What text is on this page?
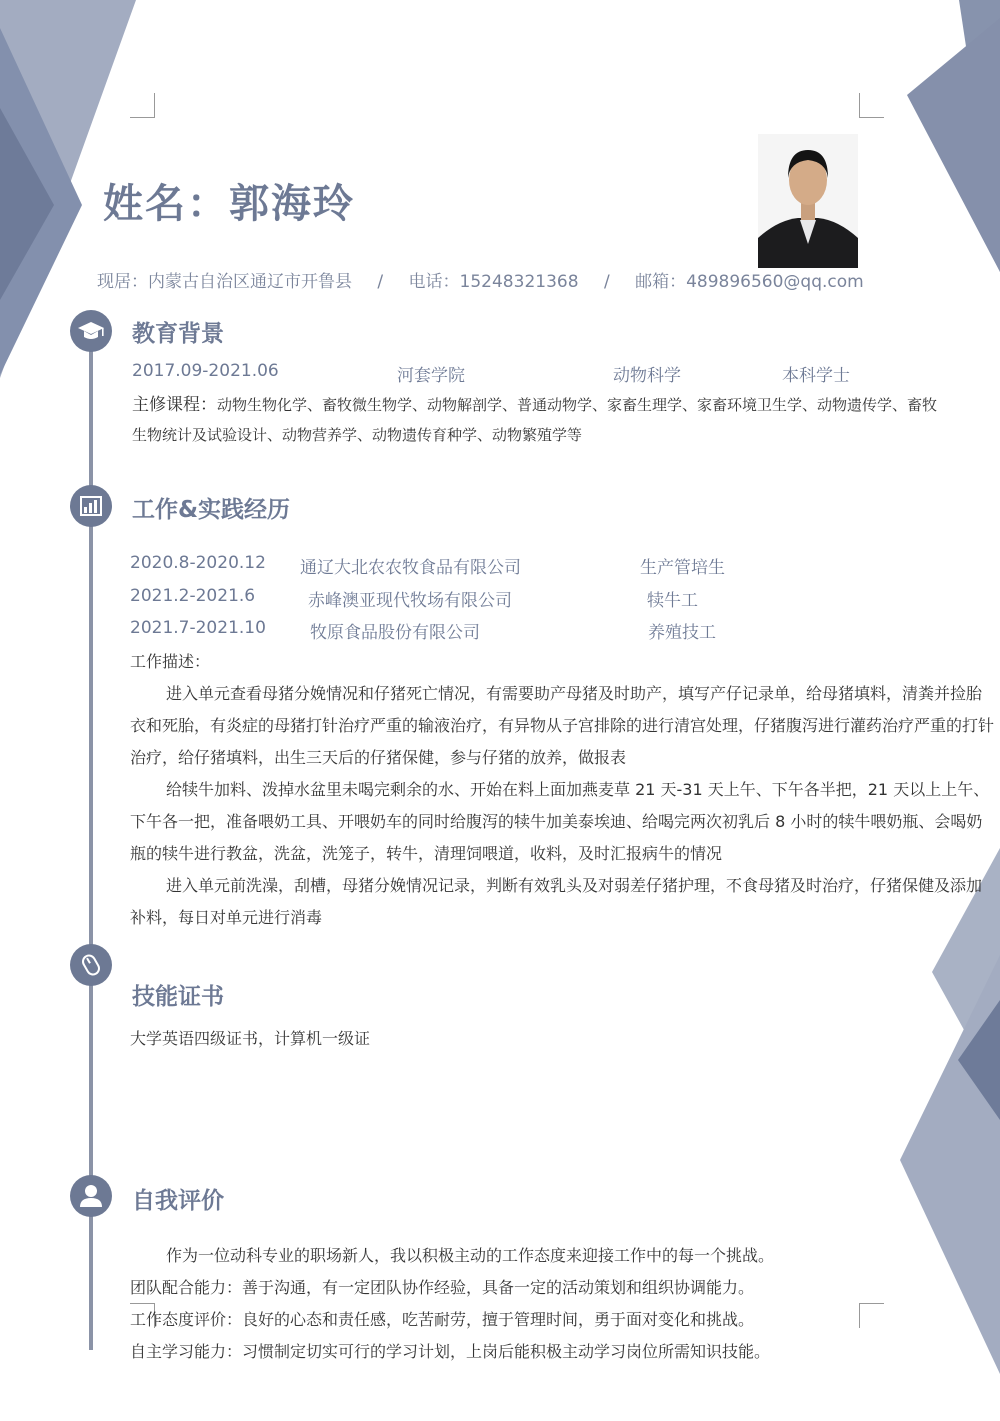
姓名：郭海玲
现居：内蒙古自治区通辽市开鲁县 / 电话：15248321368 / 邮箱：489896560@qq.com
教育背景
2017.09-2021.06	河套学院	动物科学	本科学士
主修课程：动物生物化学、畜牧微生物学、动物解剖学、普通动物学、家畜生理学、家畜环境卫生学、动物遗传学、畜牧
生物统计及试验设计、动物营养学、动物遗传育种学、动物繁殖学等
工作&实践经历
2020.8-2020.12 通辽大北农农牧食品有限公司	生产管培生
2021.2-2021.6	赤峰澳亚现代牧场有限公司	犊牛工
2021.7-2021.10	牧原食品股份有限公司	养殖技工
工作描述：
进入单元查看母猪分娩情况和仔猪死亡情况，有需要助产母猪及时助产，填写产仔记录单，给母猪填料，清粪并捡胎衣和死胎，有炎症的母猪打针治疗严重的输液治疗，有异物从子宫排除的进行清宫处理，仔猪腹泻进行灌药治疗严重的打针治疗，给仔猪填料，出生三天后的仔猪保健，参与仔猪的放养，做报表
给犊牛加料、泼掉水盆里未喝完剩余的水、开始在料上面加燕麦草 21 天-31 天上午、下午各半把，21 天以上上午、下午各一把，准备喂奶工具、开喂奶车的同时给腹泻的犊牛加美泰埃迪、给喝完两次初乳后 8 小时的犊牛喂奶瓶、会喝奶瓶的犊牛进行教盆，洗盆，洗笼子，转牛，清理饲喂道，收料，及时汇报病牛的情况
进入单元前洗澡，刮槽，母猪分娩情况记录，判断有效乳头及对弱差仔猪护理，不食母猪及时治疗，仔猪保健及添加补料，每日对单元进行消毒
技能证书
大学英语四级证书，计算机一级证
自我评价
作为一位动科专业的职场新人，我以积极主动的工作态度来迎接工作中的每一个挑战。
团队配合能力：善于沟通，有一定团队协作经验，具备一定的活动策划和组织协调能力。
工作态度评价：良好的心态和责任感，吃苦耐劳，擅于管理时间，勇于面对变化和挑战。
自主学习能力：习惯制定切实可行的学习计划，上岗后能积极主动学习岗位所需知识技能。
